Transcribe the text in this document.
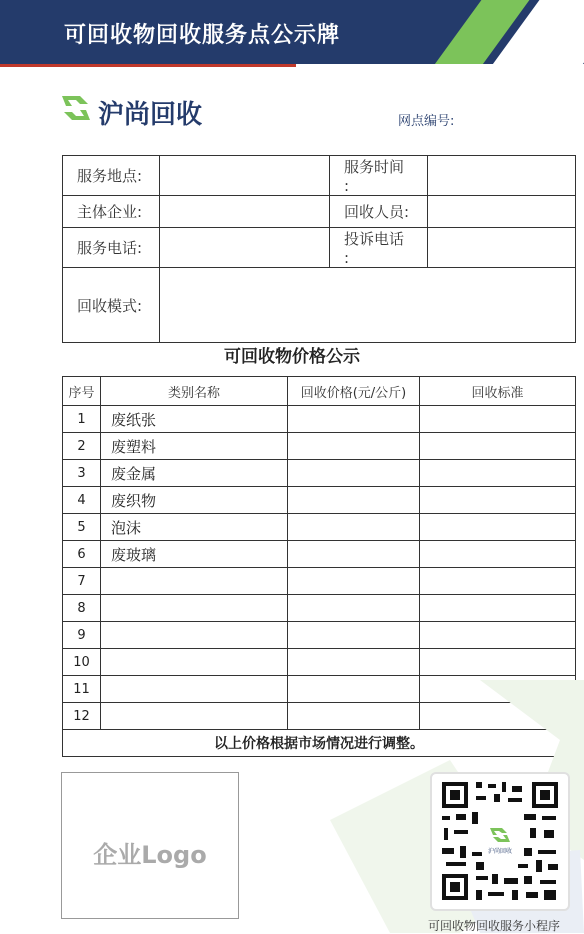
可回收物回收服务点公示牌
沪尚回收	网点编号:
服务地点:		服务时间 :	
主体企业:		回收人员:	
服务电话:		投诉电话 :	
回收模式:			
可回收物价格公示
序号	类别名称	回收价格(元/公斤)	回收标准
1	废纸张		
2	废塑料		
3	废金属		
4	废织物		
5	泡沫		
6	废玻璃		
7			
8			
9			
10			
11			
12			
以上价格根据市场情况进行调整。			
企业Logo	沪尚回收
可回收物回收服务小程序
